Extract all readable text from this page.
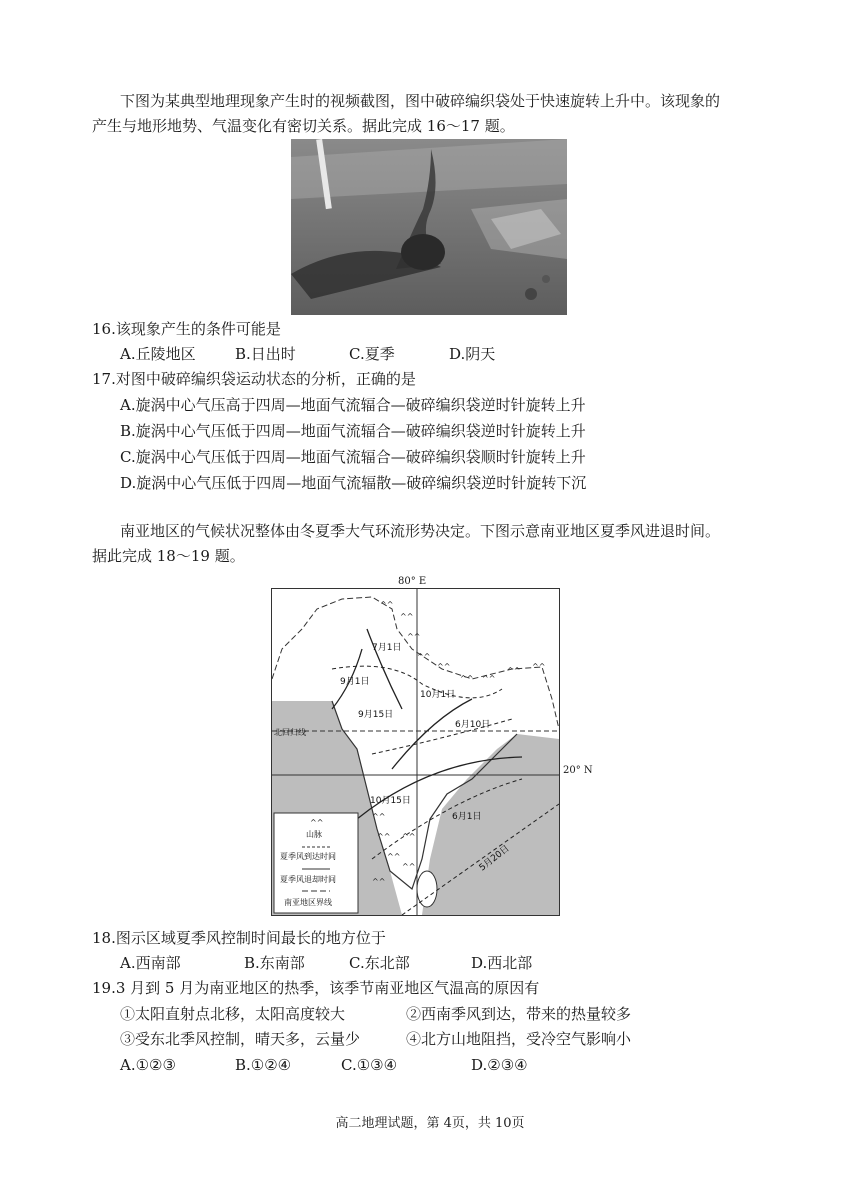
下图为某典型地理现象产生时的视频截图，图中破碎编织袋处于快速旋转上升中。该现象的
产生与地形地势、气温变化有密切关系。据此完成 16～17 题。
16.该现象产生的条件可能是
A.丘陵地区	B.日出时	C.夏季	D.阴天
17.对图中破碎编织袋运动状态的分析，正确的是
A.旋涡中心气压高于四周—地面气流辐合—破碎编织袋逆时针旋转上升
B.旋涡中心气压低于四周—地面气流辐合—破碎编织袋逆时针旋转上升
C.旋涡中心气压低于四周—地面气流辐合—破碎编织袋顺时针旋转上升
D.旋涡中心气压低于四周—地面气流辐散—破碎编织袋逆时针旋转下沉
南亚地区的气候状况整体由冬夏季大气环流形势决定。下图示意南亚地区夏季风进退时间。
据此完成 18～19 题。
^^
^^
^^
^^
^^
^^ ^^
^^ ^^
^^
^^
^^
^^
^^
^^
7月1日
9月1日
9月15日
10月1日
6月10日
10月15日
6月1日
5月20日
北回归线
^^
山脉
夏季风到达时间
夏季风退却时间
南亚地区界线
80° E
20° N
18.图示区域夏季风控制时间最长的地方位于
A.西南部	B.东南部	C.东北部	D.西北部
19.3 月到 5 月为南亚地区的热季，该季节南亚地区气温高的原因有
①太阳直射点北移，太阳高度较大	②西南季风到达，带来的热量较多
③受东北季风控制，晴天多，云量少	④北方山地阻挡，受冷空气影响小
A.①②③	B.①②④	C.①③④	D.②③④
高二地理试题，第 4页，共 10页
